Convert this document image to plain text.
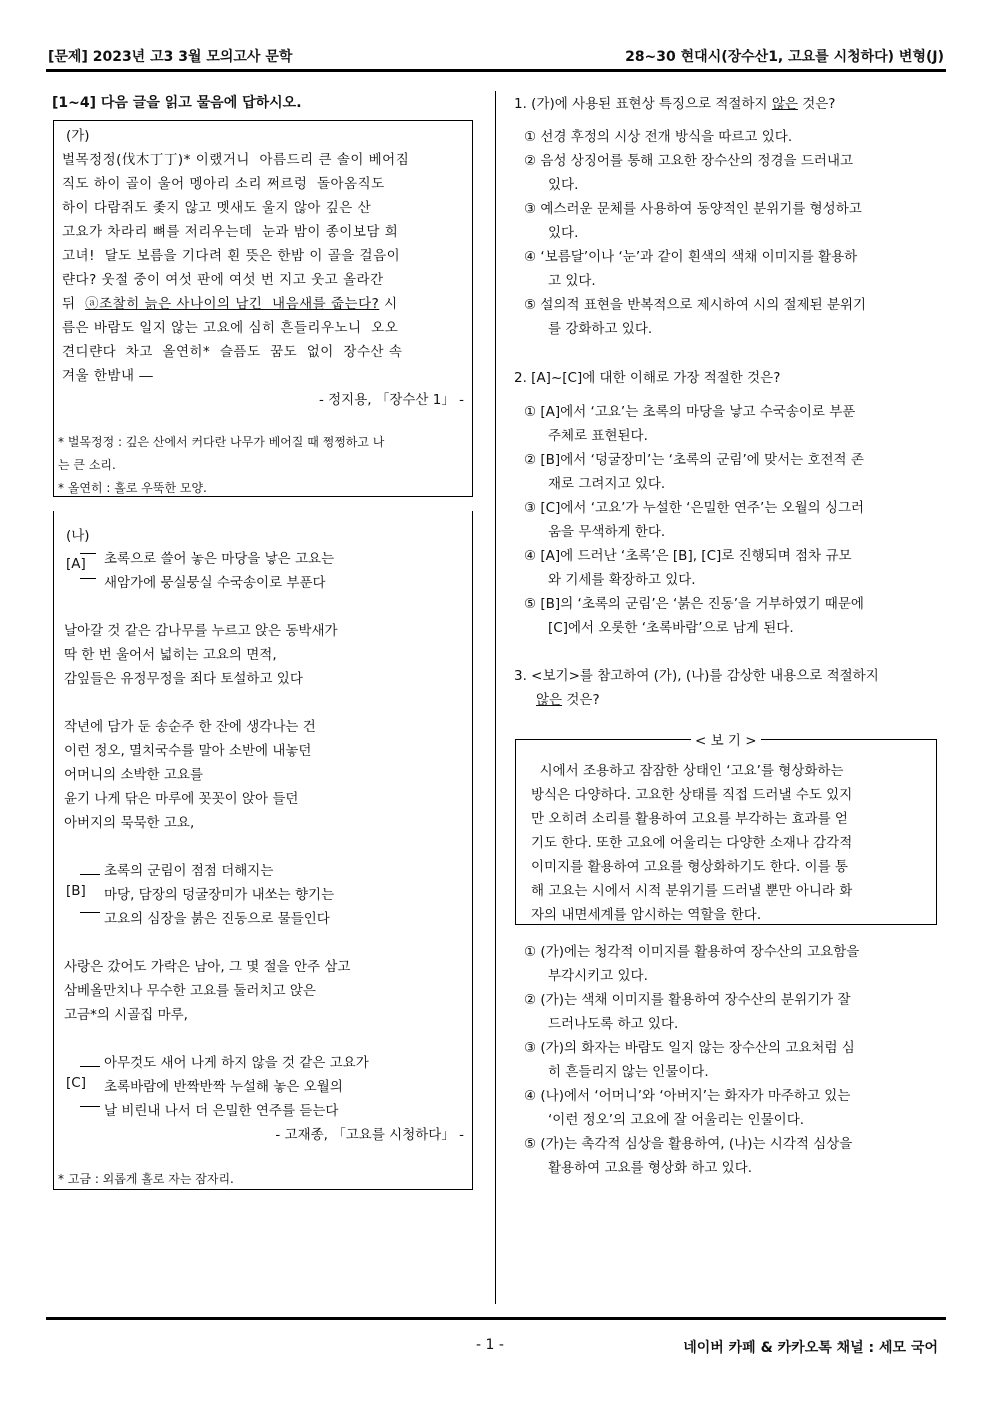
[문제] 2023년 고3 3월 모의고사 문학	28~30 현대시(장수산1, 고요를 시청하다) 변형(J)
[1~4] 다음 글을 읽고 물음에 답하시오.
(가)
벌목정정(伐木丁丁)* 이랬거니  아름드리 큰 솔이 베어짐
직도 하이 골이 울어 멩아리 소리 쩌르렁  돌아옴직도
하이 다람쥐도 좇지 않고 멧새도 울지 않아 깊은 산
고요가 차라리 뼈를 저리우는데  눈과 밤이 종이보담 희
고녀!  달도 보름을 기다려 흰 뜻은 한밤 이 골을 걸음이
랸다? 웃절 중이 여섯 판에 여섯 번 지고 웃고 올라간
뒤  ⓐ조찰히 늙은 사나이의 남긴  내음새를 줍는다? 시
름은 바람도 일지 않는 고요에 심히 흔들리우노니  오오
견디랸다  차고  올연히*  슬픔도  꿈도  없이  장수산 속
겨울 한밤내 ―
- 정지용, 「장수산 1」 -
* 벌목정정 : 깊은 산에서 커다란 나무가 베어질 때 쩡쩡하고 나
는 큰 소리.
* 올연히 : 홀로 우뚝한 모양.
(나)
[A] 초록으로 쓸어 놓은 마당을 낳은 고요는
새암가에 뭉실뭉실 수국송이로 부푼다
날아갈 것 같은 감나무를 누르고 앉은 동박새가
딱 한 번 울어서 넓히는 고요의 면적,
감잎들은 유정무정을 죄다 토설하고 있다
작년에 담가 둔 송순주 한 잔에 생각나는 건
이런 정오, 멸치국수를 말아 소반에 내놓던
어머니의 소박한 고요를
윤기 나게 닦은 마루에 꼿꼿이 앉아 들던
아버지의 묵묵한 고요,
[B]
초록의 군림이 점점 더해지는
마당, 담장의 덩굴장미가 내쏘는 향기는
고요의 심장을 붉은 진동으로 물들인다
사랑은 갔어도 가락은 남아, 그 몇 절을 안주 삼고
삼베올만치나 무수한 고요를 둘러치고 앉은
고금*의 시골집 마루,
[C]
아무것도 새어 나게 하지 않을 것 같은 고요가
초록바람에 반짝반짝 누설해 놓은 오월의
날 비린내 나서 더 은밀한 연주를 듣는다
- 고재종, 「고요를 시청하다」 -
* 고금 : 외롭게 홀로 자는 잠자리.
1. (가)에 사용된 표현상 특징으로 적절하지 않은 것은?
① 선경 후정의 시상 전개 방식을 따르고 있다.
② 음성 상징어를 통해 고요한 장수산의 정경을 드러내고
있다.
③ 예스러운 문체를 사용하여 동양적인 분위기를 형성하고
있다.
④ ‘보름달’이나 ‘눈’과 같이 흰색의 색채 이미지를 활용하
고 있다.
⑤ 설의적 표현을 반복적으로 제시하여 시의 절제된 분위기
를 강화하고 있다.
2. [A]~[C]에 대한 이해로 가장 적절한 것은?
① [A]에서 ‘고요’는 초록의 마당을 낳고 수국송이로 부푼
주체로 표현된다.
② [B]에서 ‘덩굴장미’는 ‘초록의 군림’에 맞서는 호전적 존
재로 그려지고 있다.
③ [C]에서 ‘고요’가 누설한 ‘은밀한 연주’는 오월의 싱그러
움을 무색하게 한다.
④ [A]에 드러난 ‘초록’은 [B], [C]로 진행되며 점차 규모
와 기세를 확장하고 있다.
⑤ [B]의 ‘초록의 군림’은 ‘붉은 진동’을 거부하였기 때문에
[C]에서 오롯한 ‘초록바람’으로 남게 된다.
3. <보기>를 참고하여 (가), (나)를 감상한 내용으로 적절하지
않은 것은?
< 보 기 >
시에서 조용하고 잠잠한 상태인 ‘고요’를 형상화하는
방식은 다양하다. 고요한 상태를 직접 드러낼 수도 있지
만 오히려 소리를 활용하여 고요를 부각하는 효과를 얻
기도 한다. 또한 고요에 어울리는 다양한 소재나 감각적
이미지를 활용하여 고요를 형상화하기도 한다. 이를 통
해 고요는 시에서 시적 분위기를 드러낼 뿐만 아니라 화
자의 내면세계를 암시하는 역할을 한다.
① (가)에는 청각적 이미지를 활용하여 장수산의 고요함을
부각시키고 있다.
② (가)는 색채 이미지를 활용하여 장수산의 분위기가 잘
드러나도록 하고 있다.
③ (가)의 화자는 바람도 일지 않는 장수산의 고요처럼 심
히 흔들리지 않는 인물이다.
④ (나)에서 ‘어머니’와 ‘아버지’는 화자가 마주하고 있는
‘이런 정오’의 고요에 잘 어울리는 인물이다.
⑤ (가)는 촉각적 심상을 활용하여, (나)는 시각적 심상을
활용하여 고요를 형상화 하고 있다.
- 1 -	네이버 카페 & 카카오톡 채널 : 세모 국어
